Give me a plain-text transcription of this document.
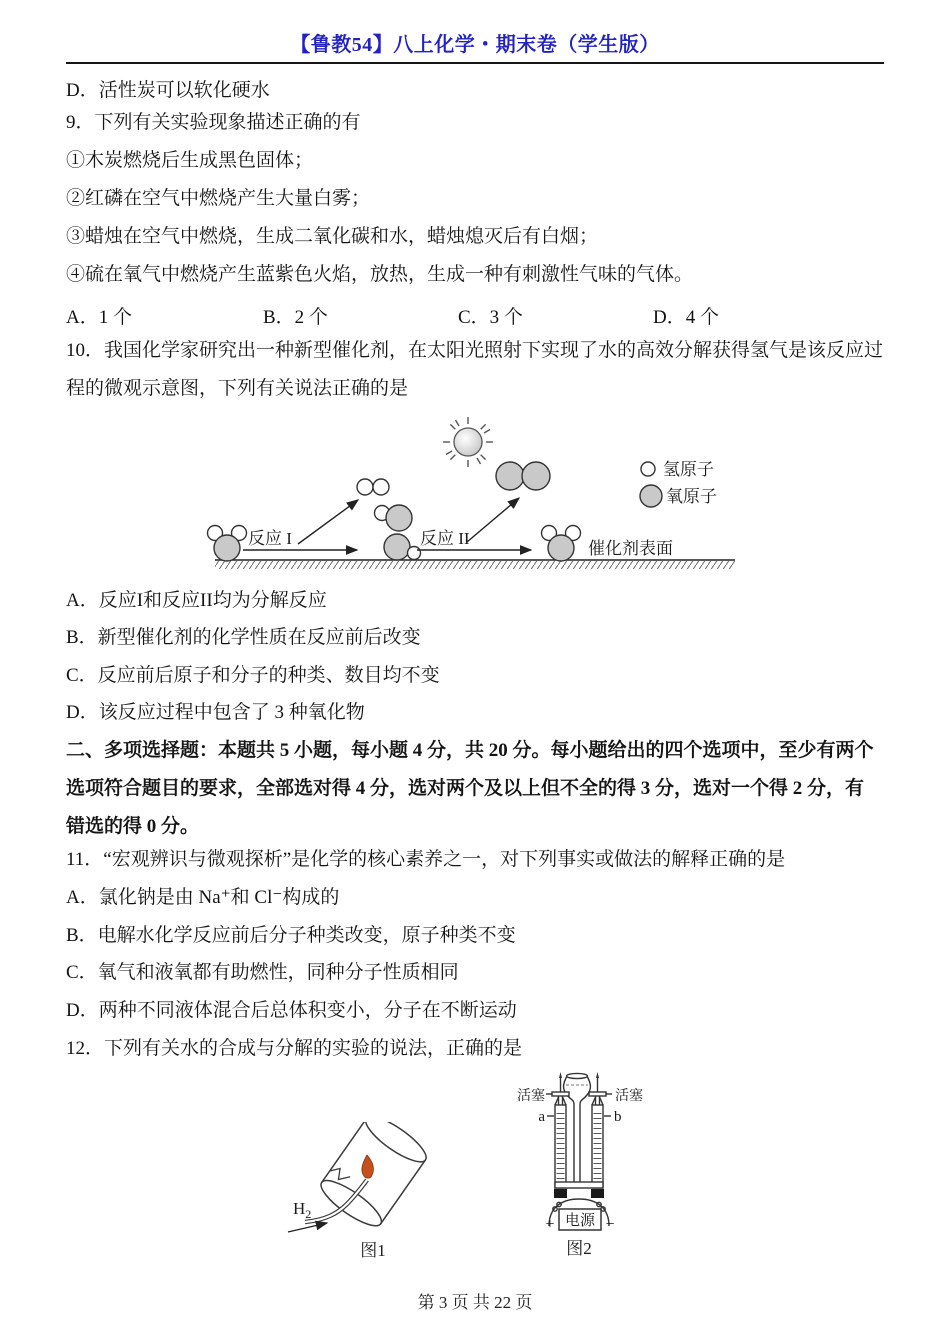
【鲁教54】八上化学・期末卷（学生版）
D．活性炭可以软化硬水
9．下列有关实验现象描述正确的有
①木炭燃烧后生成黑色固体；
②红磷在空气中燃烧产生大量白雾；
③蜡烛在空气中燃烧，生成二氧化碳和水，蜡烛熄灭后有白烟；
④硫在氧气中燃烧产生蓝紫色火焰，放热，生成一种有刺激性气味的气体。
A．1 个	B．2 个	C．3 个	D．4 个
10．我国化学家研究出一种新型催化剂，在太阳光照射下实现了水的高效分解获得氢气是该反应过
程的微观示意图，下列有关说法正确的是
反应 I	反应 II
催化剂表面
氢原子
氧原子
A．反应I和反应II均为分解反应
B．新型催化剂的化学性质在反应前后改变
C．反应前后原子和分子的种类、数目均不变
D．该反应过程中包含了 3 种氧化物
二、多项选择题：本题共 5 小题，每小题 4 分，共 20 分。每小题给出的四个选项中，至少有两个
选项符合题目的要求，全部选对得 4 分，选对两个及以上但不全的得 3 分，选对一个得 2 分，有
错选的得 0 分。
11．“宏观辨识与微观探析”是化学的核心素养之一，对下列事实或做法的解释正确的是
A．氯化钠是由 Na⁺和 Cl⁻构成的
B．电解水化学反应前后分子种类改变，原子种类不变
C．氧气和液氧都有助燃性，同种分子性质相同
D．两种不同液体混合后总体积变小，分子在不断运动
12．下列有关水的合成与分解的实验的说法，正确的是
$H_2$
图1
活塞	活塞
a	b
电源
+	−
图2
第 3 页 共 22 页
